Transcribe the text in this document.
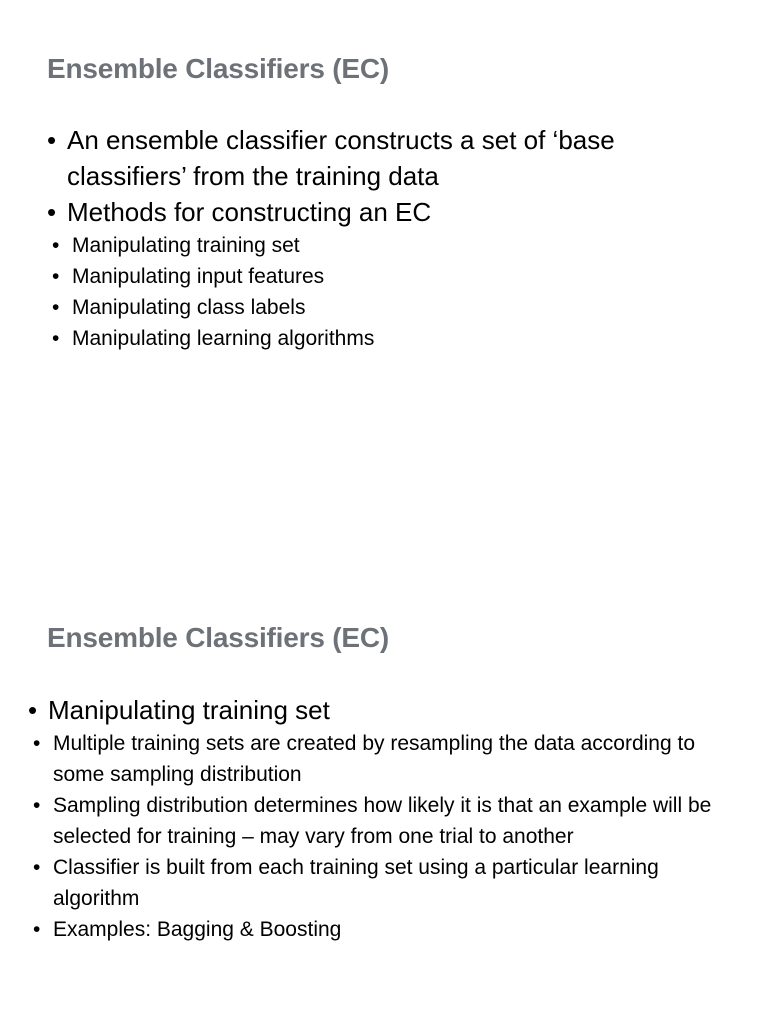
Ensemble Classifiers (EC)
• An ensemble classifier constructs a set of ‘base classifiers’ from the training data
• Methods for constructing an EC
• Manipulating training set
• Manipulating input features
• Manipulating class labels
• Manipulating learning algorithms
Ensemble Classifiers (EC)
• Manipulating training set
• Multiple training sets are created by resampling the data according to some sampling distribution
• Sampling distribution determines how likely it is that an example will be selected for training – may vary from one trial to another
• Classifier is built from each training set using a particular learning algorithm
• Examples: Bagging & Boosting
